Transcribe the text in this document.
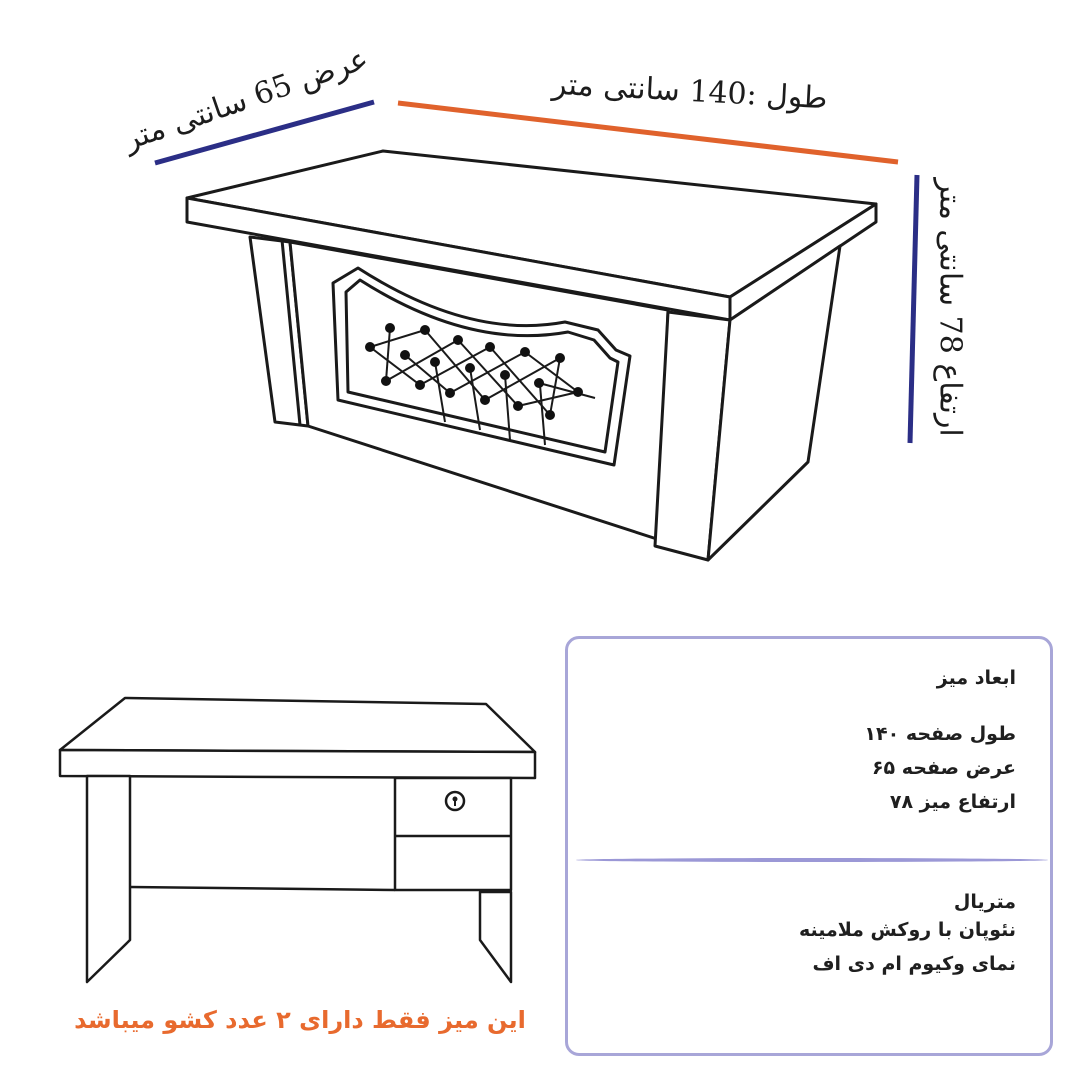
طول :140 سانتی متر
عرض 65 سانتی متر
ارتفاع 78 سانتی متر
این میز فقط دارای ۲ عدد کشو میباشد
ابعاد میز
طول صفحه ۱۴۰
عرض صفحه ۶۵
ارتفاع میز ۷۸
متریال
نئوپان با روکش ملامینه
نمای وکیوم ام دی اف
